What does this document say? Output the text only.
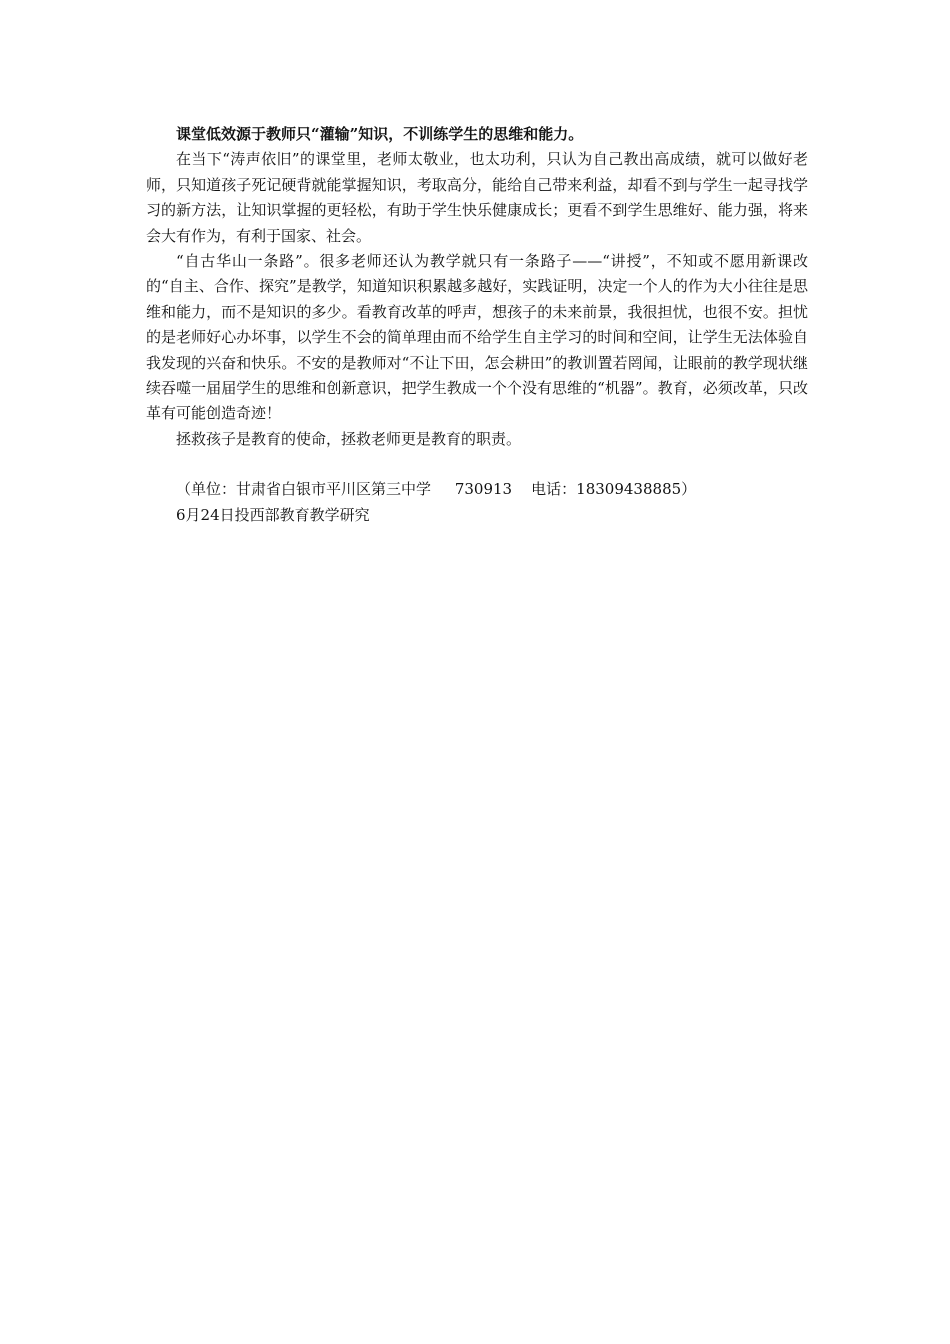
课堂低效源于教师只“灌输”知识，不训练学生的思维和能力。

在当下“涛声依旧”的课堂里，老师太敬业，也太功利，只认为自己教出高成绩，就可以做好老师，只知道孩子死记硬背就能掌握知识，考取高分，能给自己带来利益，却看不到与学生一起寻找学习的新方法，让知识掌握的更轻松，有助于学生快乐健康成长；更看不到学生思维好、能力强，将来会大有作为，有利于国家、社会。

“自古华山一条路”。很多老师还认为教学就只有一条路子——“讲授”，不知或不愿用新课改的“自主、合作、探究”是教学，知道知识积累越多越好，实践证明，决定一个人的作为大小往往是思维和能力，而不是知识的多少。看教育改革的呼声，想孩子的未来前景，我很担忧，也很不安。担忧的是老师好心办坏事，以学生不会的简单理由而不给学生自主学习的时间和空间，让学生无法体验自我发现的兴奋和快乐。不安的是教师对“不让下田，怎会耕田”的教训置若罔闻，让眼前的教学现状继续吞噬一届届学生的思维和创新意识，把学生教成一个个没有思维的“机器”。教育，必须改革，只改革有可能创造奇迹！

拯救孩子是教育的使命，拯救老师更是教育的职责。

（单位：甘肃省白银市平川区第三中学     730913    电话：18309438885）

6月24日投西部教育教学研究
